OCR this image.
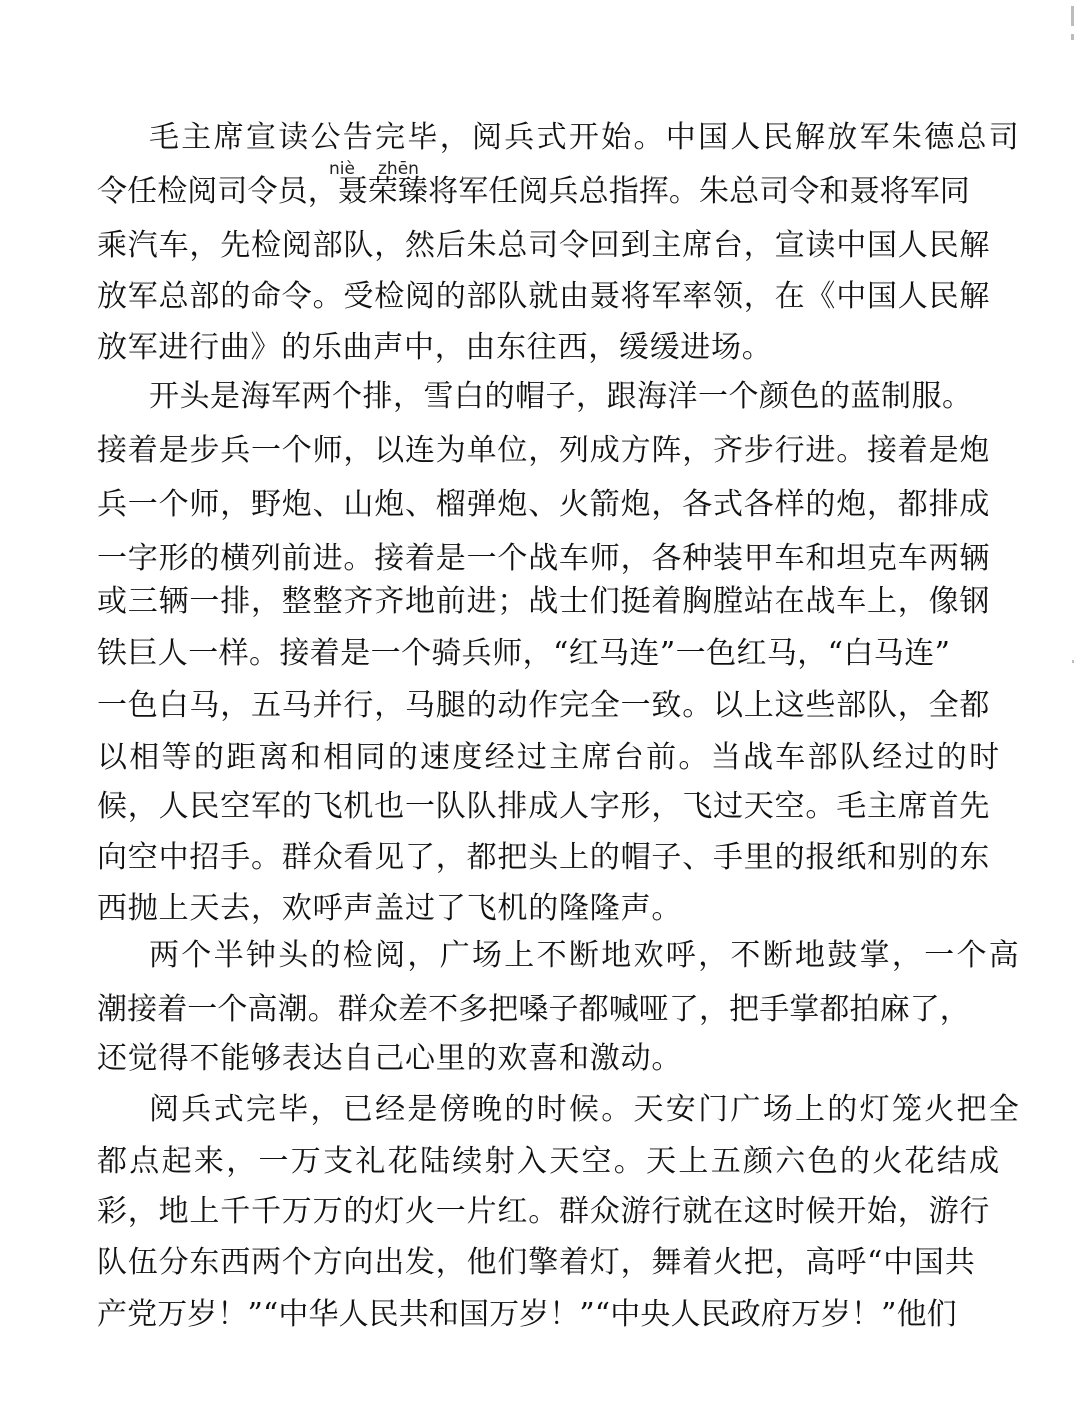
niè zhēn
毛主席宣读公告完毕，阅兵式开始。中国人民解放军朱德总司
令任检阅司令员，聂荣臻将军任阅兵总指挥。朱总司令和聂将军同
乘汽车，先检阅部队，然后朱总司令回到主席台，宣读中国人民解
放军总部的命令。受检阅的部队就由聂将军率领，在《中国人民解
放军进行曲》的乐曲声中，由东往西，缓缓进场。
开头是海军两个排，雪白的帽子，跟海洋一个颜色的蓝制服。
接着是步兵一个师，以连为单位，列成方阵，齐步行进。接着是炮
兵一个师，野炮、山炮、榴弹炮、火箭炮，各式各样的炮，都排成
一字形的横列前进。接着是一个战车师，各种装甲车和坦克车两辆
或三辆一排，整整齐齐地前进；战士们挺着胸膛站在战车上，像钢
铁巨人一样。接着是一个骑兵师，“红马连”一色红马，“白马连”
一色白马，五马并行，马腿的动作完全一致。以上这些部队，全都
以相等的距离和相同的速度经过主席台前。当战车部队经过的时
候，人民空军的飞机也一队队排成人字形，飞过天空。毛主席首先
向空中招手。群众看见了，都把头上的帽子、手里的报纸和别的东
西抛上天去，欢呼声盖过了飞机的隆隆声。
两个半钟头的检阅，广场上不断地欢呼，不断地鼓掌，一个高
潮接着一个高潮。群众差不多把嗓子都喊哑了，把手掌都拍麻了，
还觉得不能够表达自己心里的欢喜和激动。
阅兵式完毕，已经是傍晚的时候。天安门广场上的灯笼火把全
都点起来，一万支礼花陆续射入天空。天上五颜六色的火花结成
彩，地上千千万万的灯火一片红。群众游行就在这时候开始，游行
队伍分东西两个方向出发，他们擎着灯，舞着火把，高呼“中国共
产党万岁！”“中华人民共和国万岁！”“中央人民政府万岁！”他们
